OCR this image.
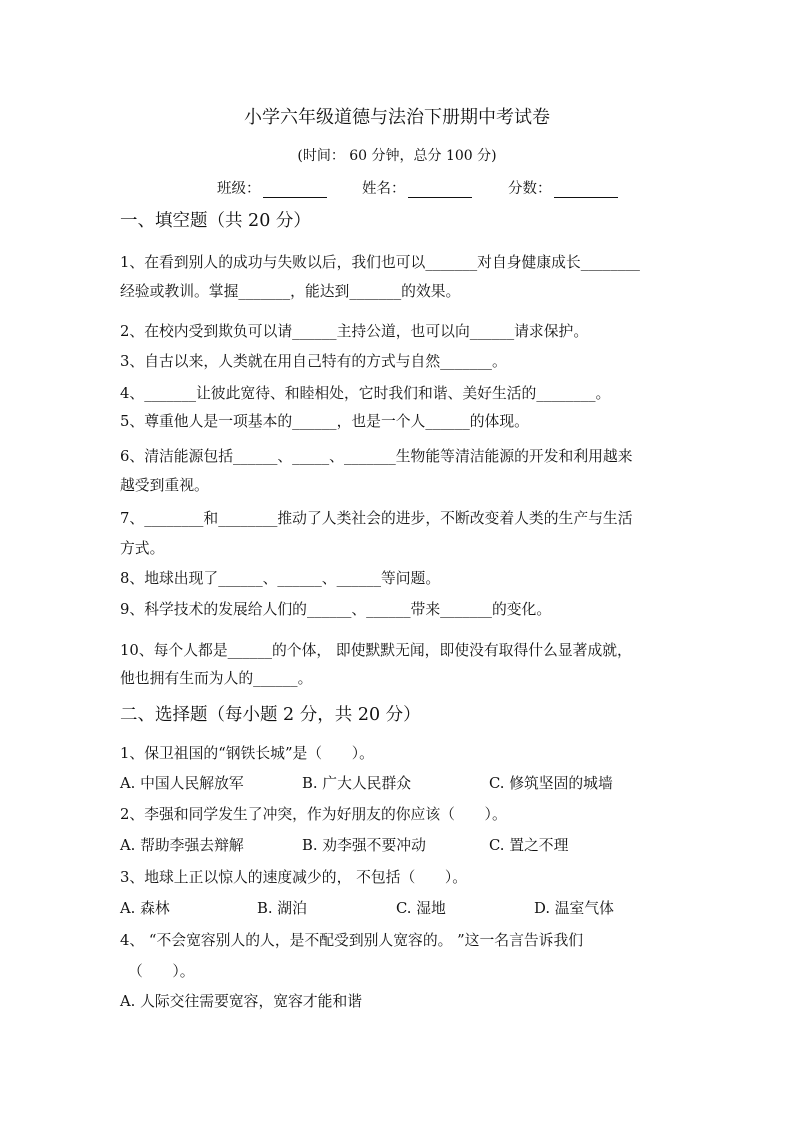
小学六年级道德与法治下册期中考试卷
(时间： 60 分钟，总分 100 分)
班级：	姓名：	分数：
一、填空题（共 20 分）
1、在看到别人的成功与失败以后，我们也可以_______对自身健康成长________
经验或教训。掌握_______，能达到_______的效果。
2、在校内受到欺负可以请______主持公道，也可以向______请求保护。
3、自古以来，人类就在用自己特有的方式与自然_______。
4、_______让彼此宽待、和睦相处，它时我们和谐、美好生活的________。
5、尊重他人是一项基本的______，也是一个人______的体现。
6、清洁能源包括______、_____、_______生物能等清洁能源的开发和利用越来
越受到重视。
7、________和________推动了人类社会的进步，不断改变着人类的生产与生活
方式。
8、地球出现了______、______、______等问题。
9、科学技术的发展给人们的______、______带来_______的变化。
10、每个人都是______的个体， 即使默默无闻，即使没有取得什么显著成就，
他也拥有生而为人的______。
二、选择题（每小题 2 分，共 20 分）
1、保卫祖国的“钢铁长城”是（　　）。
A. 中国人民解放军	B. 广大人民群众	C. 修筑坚固的城墙
2、李强和同学发生了冲突，作为好朋友的你应该（　　）。
A. 帮助李强去辩解	B. 劝李强不要冲动	C. 置之不理
3、地球上正以惊人的速度减少的， 不包括（　　）。
A. 森林	B. 湖泊	C. 湿地	D. 温室气体
4、 “不会宽容别人的人，是不配受到别人宽容的。 ”这一名言告诉我们
（　　）。
A. 人际交往需要宽容，宽容才能和谐
